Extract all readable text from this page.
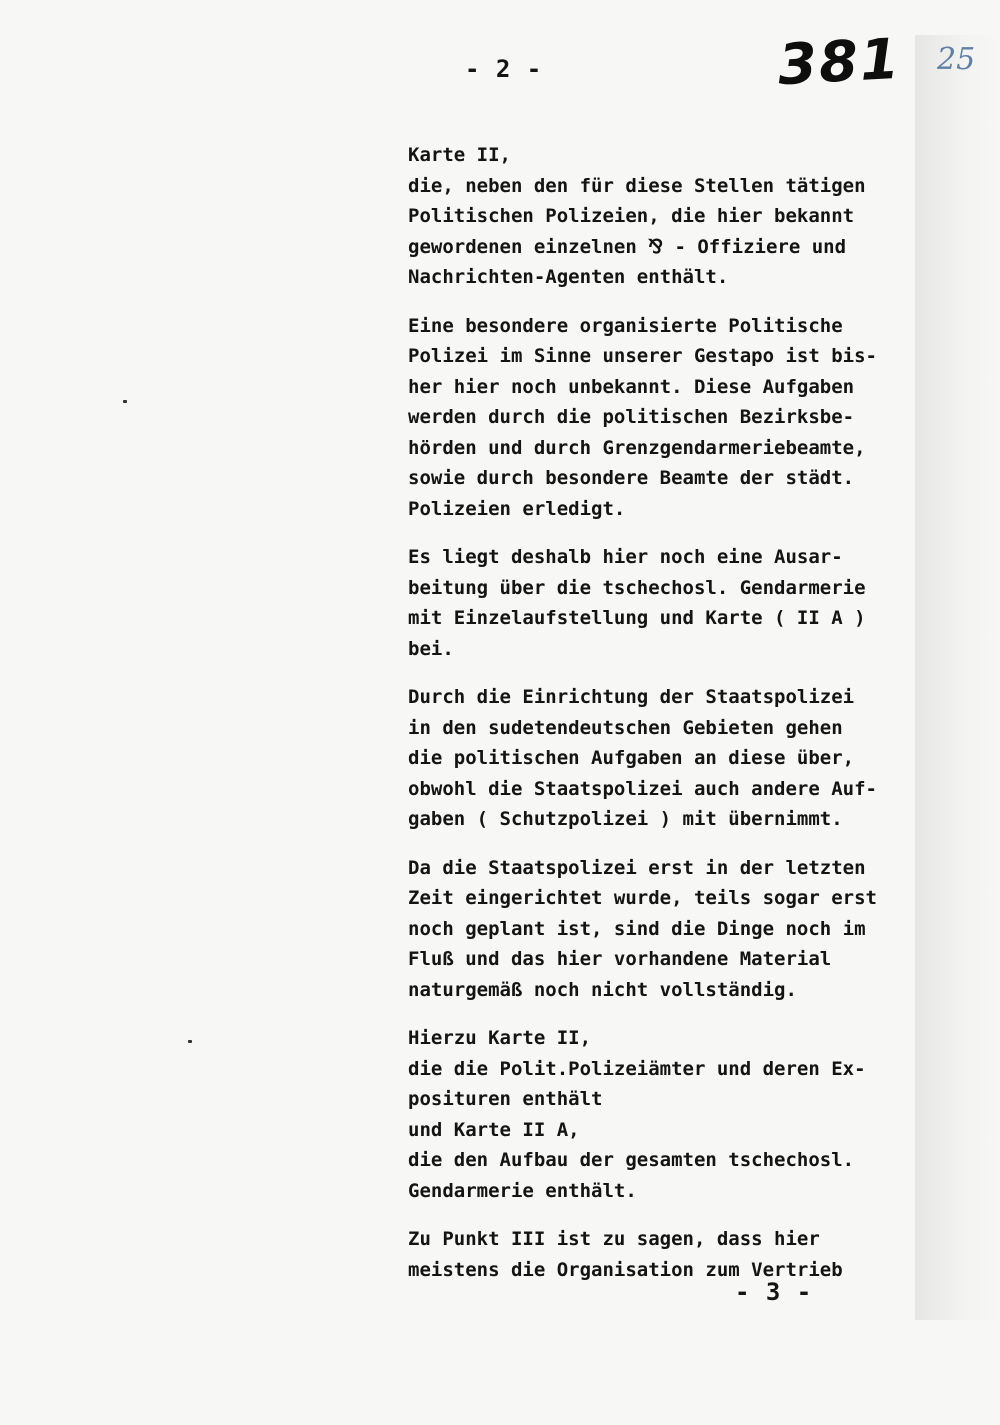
- 2 -	381 25

Karte II,

die, neben den für diese Stellen tätigen

Politischen Polizeien, die hier bekannt

gewordenen einzelnen ⅋ - Offiziere und

Nachrichten-Agenten enthält.

Eine besondere organisierte Politische

Polizei im Sinne unserer Gestapo ist bis-

her hier noch unbekannt. Diese Aufgaben

werden durch die politischen Bezirksbe-

hörden und durch Grenzgendarmeriebeamte,

sowie durch besondere Beamte der städt.

Polizeien erledigt.

Es liegt deshalb hier noch eine Ausar-

beitung über die tschechosl. Gendarmerie

mit Einzelaufstellung und Karte ( II A )

bei.

Durch die Einrichtung der Staatspolizei

in den sudetendeutschen Gebieten gehen

die politischen Aufgaben an diese über,

obwohl die Staatspolizei auch andere Auf-

gaben ( Schutzpolizei ) mit übernimmt.

Da die Staatspolizei erst in der letzten

Zeit eingerichtet wurde, teils sogar erst

noch geplant ist, sind die Dinge noch im

Fluß und das hier vorhandene Material

naturgemäß noch nicht vollständig.

Hierzu Karte II,

die die Polit.Polizeiämter und deren Ex-

posituren enthält

und Karte II A,

die den Aufbau der gesamten tschechosl.

Gendarmerie enthält.

Zu Punkt III ist zu sagen, dass hier

meistens die Organisation zum Vertrieb

- 3 -
